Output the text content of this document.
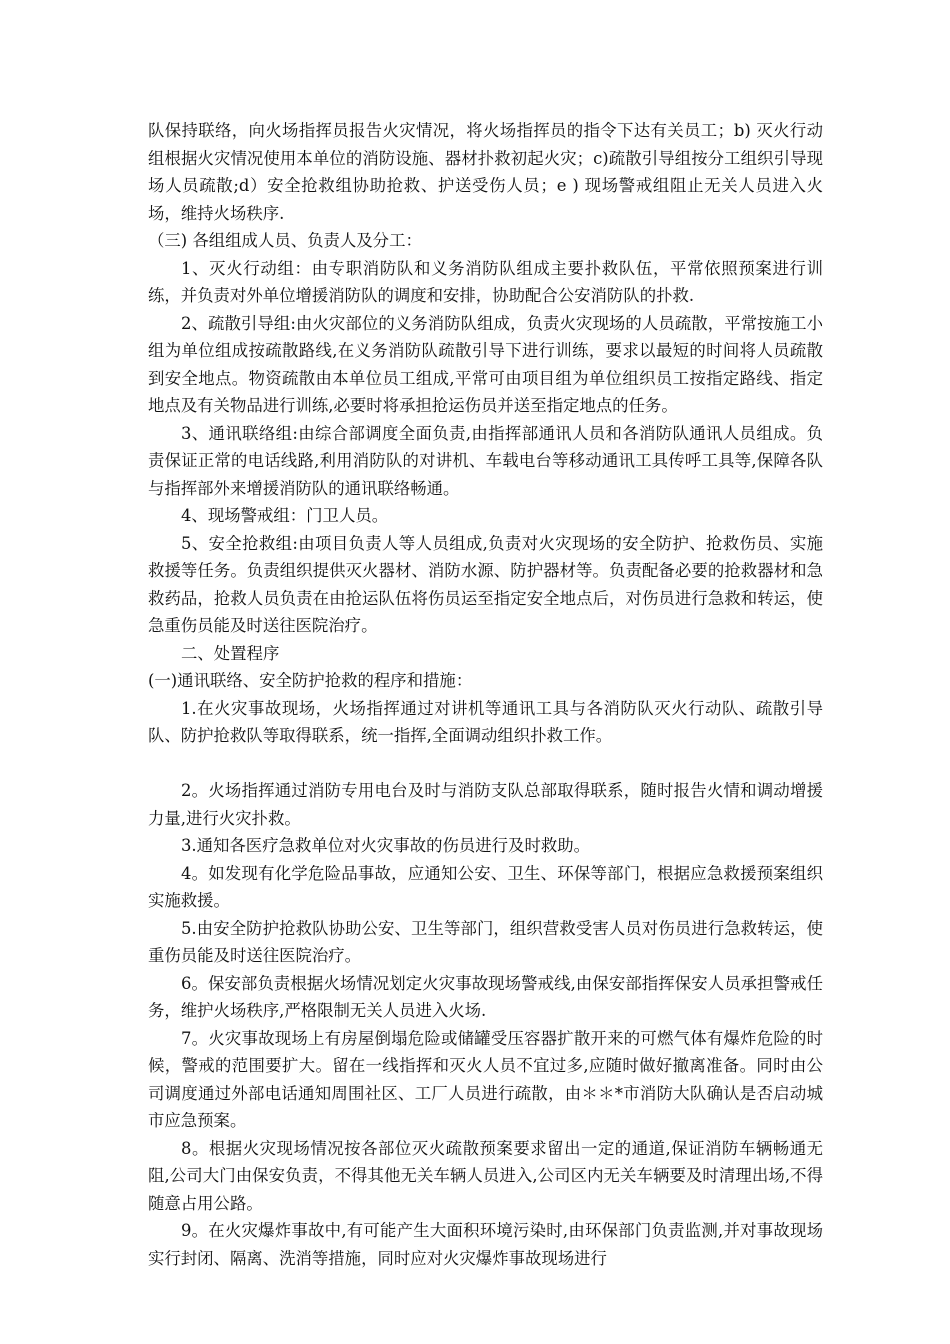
队保持联络，向火场指挥员报告火灾情况，将火场指挥员的指令下达有关员工；b) 灭火行动组根据火灾情况使用本单位的消防设施、器材扑救初起火灾；c)疏散引导组按分工组织引导现场人员疏散;d）安全抢救组协助抢救、护送受伤人员；e ) 现场警戒组阻止无关人员进入火场，维持火场秩序.

（三) 各组组成人员、负责人及分工：

1、灭火行动组：由专职消防队和义务消防队组成主要扑救队伍，平常依照预案进行训练，并负责对外单位增援消防队的调度和安排，协助配合公安消防队的扑救.

2、疏散引导组:由火灾部位的义务消防队组成，负责火灾现场的人员疏散，平常按施工小组为单位组成按疏散路线,在义务消防队疏散引导下进行训练，要求以最短的时间将人员疏散到安全地点。物资疏散由本单位员工组成,平常可由项目组为单位组织员工按指定路线、指定地点及有关物品进行训练,必要时将承担抢运伤员并送至指定地点的任务。

3、通讯联络组:由综合部调度全面负责,由指挥部通讯人员和各消防队通讯人员组成。负责保证正常的电话线路,利用消防队的对讲机、车载电台等移动通讯工具传呼工具等,保障各队与指挥部外来增援消防队的通讯联络畅通。

4、现场警戒组：门卫人员。

5、安全抢救组:由项目负责人等人员组成,负责对火灾现场的安全防护、抢救伤员、实施救援等任务。负责组织提供灭火器材、消防水源、防护器材等。负责配备必要的抢救器材和急救药品，抢救人员负责在由抢运队伍将伤员运至指定安全地点后，对伤员进行急救和转运，使急重伤员能及时送往医院治疗。

二、处置程序

(一)通讯联络、安全防护抢救的程序和措施：

1.在火灾事故现场，火场指挥通过对讲机等通讯工具与各消防队灭火行动队、疏散引导队、防护抢救队等取得联系，统一指挥,全面调动组织扑救工作。

2。火场指挥通过消防专用电台及时与消防支队总部取得联系，随时报告火情和调动增援力量,进行火灾扑救。

3.通知各医疗急救单位对火灾事故的伤员进行及时救助。

4。如发现有化学危险品事故，应通知公安、卫生、环保等部门，根据应急救援预案组织实施救援。

5.由安全防护抢救队协助公安、卫生等部门，组织营救受害人员对伤员进行急救转运，使重伤员能及时送往医院治疗。

6。保安部负责根据火场情况划定火灾事故现场警戒线,由保安部指挥保安人员承担警戒任务，维护火场秩序,严格限制无关人员进入火场.

7。火灾事故现场上有房屋倒塌危险或储罐受压容器扩散开来的可燃气体有爆炸危险的时候，警戒的范围要扩大。留在一线指挥和灭火人员不宜过多,应随时做好撤离准备。同时由公司调度通过外部电话通知周围社区、工厂人员进行疏散，由＊＊*市消防大队确认是否启动城市应急预案。

8。根据火灾现场情况按各部位灭火疏散预案要求留出一定的通道,保证消防车辆畅通无阻,公司大门由保安负责，不得其他无关车辆人员进入,公司区内无关车辆要及时清理出场,不得随意占用公路。

9。在火灾爆炸事故中,有可能产生大面积环境污染时,由环保部门负责监测,并对事故现场实行封闭、隔离、洗消等措施，同时应对火灾爆炸事故现场进行
